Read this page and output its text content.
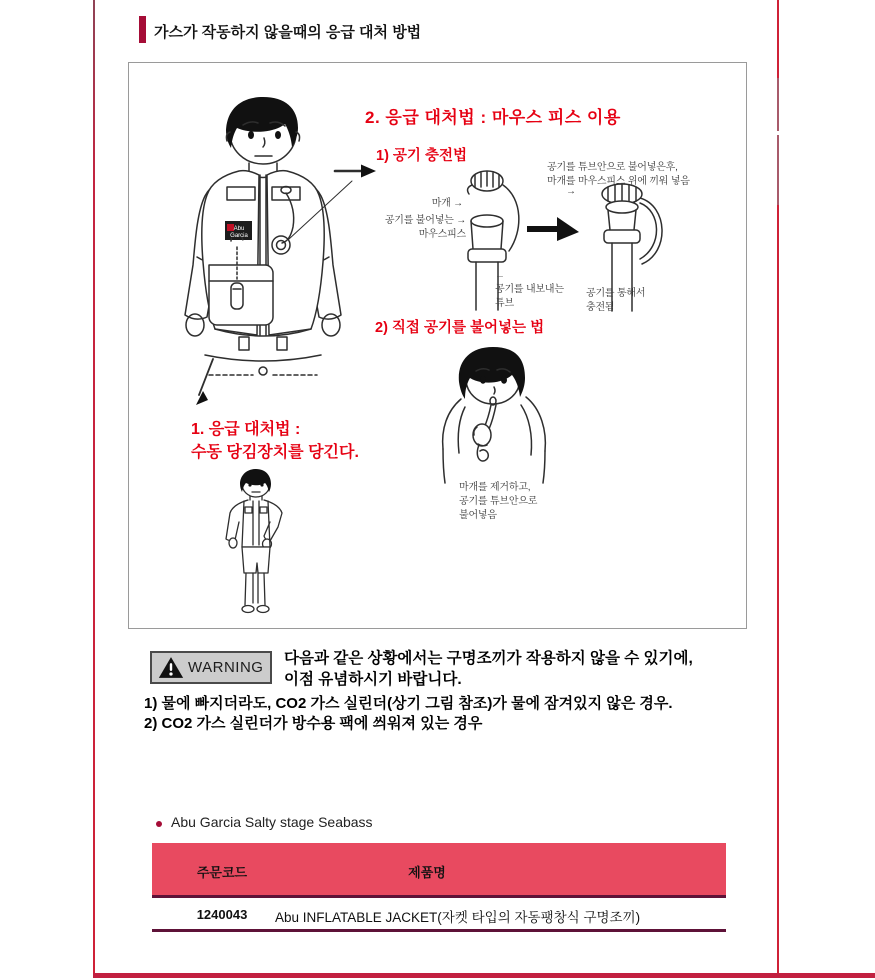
가스가 작동하지 않을때의 응급 대처 방법
Abu
Garcia
2. 응급 대처법 : 마우스 피스 이용
1) 공기 충전법
마개 →
공기를 불어넣는 →
마우스피스
←
공기를 내보내는
튜브
공기를 튜브안으로 불어넣은후,
마개를 마우스피스 위에 끼워 넣음
→
공기를 통해서
충전됨
2) 직접 공기를 불어넣는 법
마개를 제거하고,
공기를 튜브안으로
불어넣음
1. 응급 대처법 :
수동 당김장치를 당긴다.
WARNING
다음과 같은 상황에서는 구명조끼가 작용하지 않을 수 있기에,
이점 유념하시기 바랍니다.
1) 물에 빠지더라도, CO2 가스 실린더(상기 그림 참조)가 물에 잠겨있지 않은 경우.
2) CO2 가스 실린더가 방수용 팩에 씌워져 있는 경우
Abu Garcia Salty stage Seabass
주문코드	제품명
1240043	Abu INFLATABLE JACKET(자켓 타입의 자동팽창식 구명조끼)
